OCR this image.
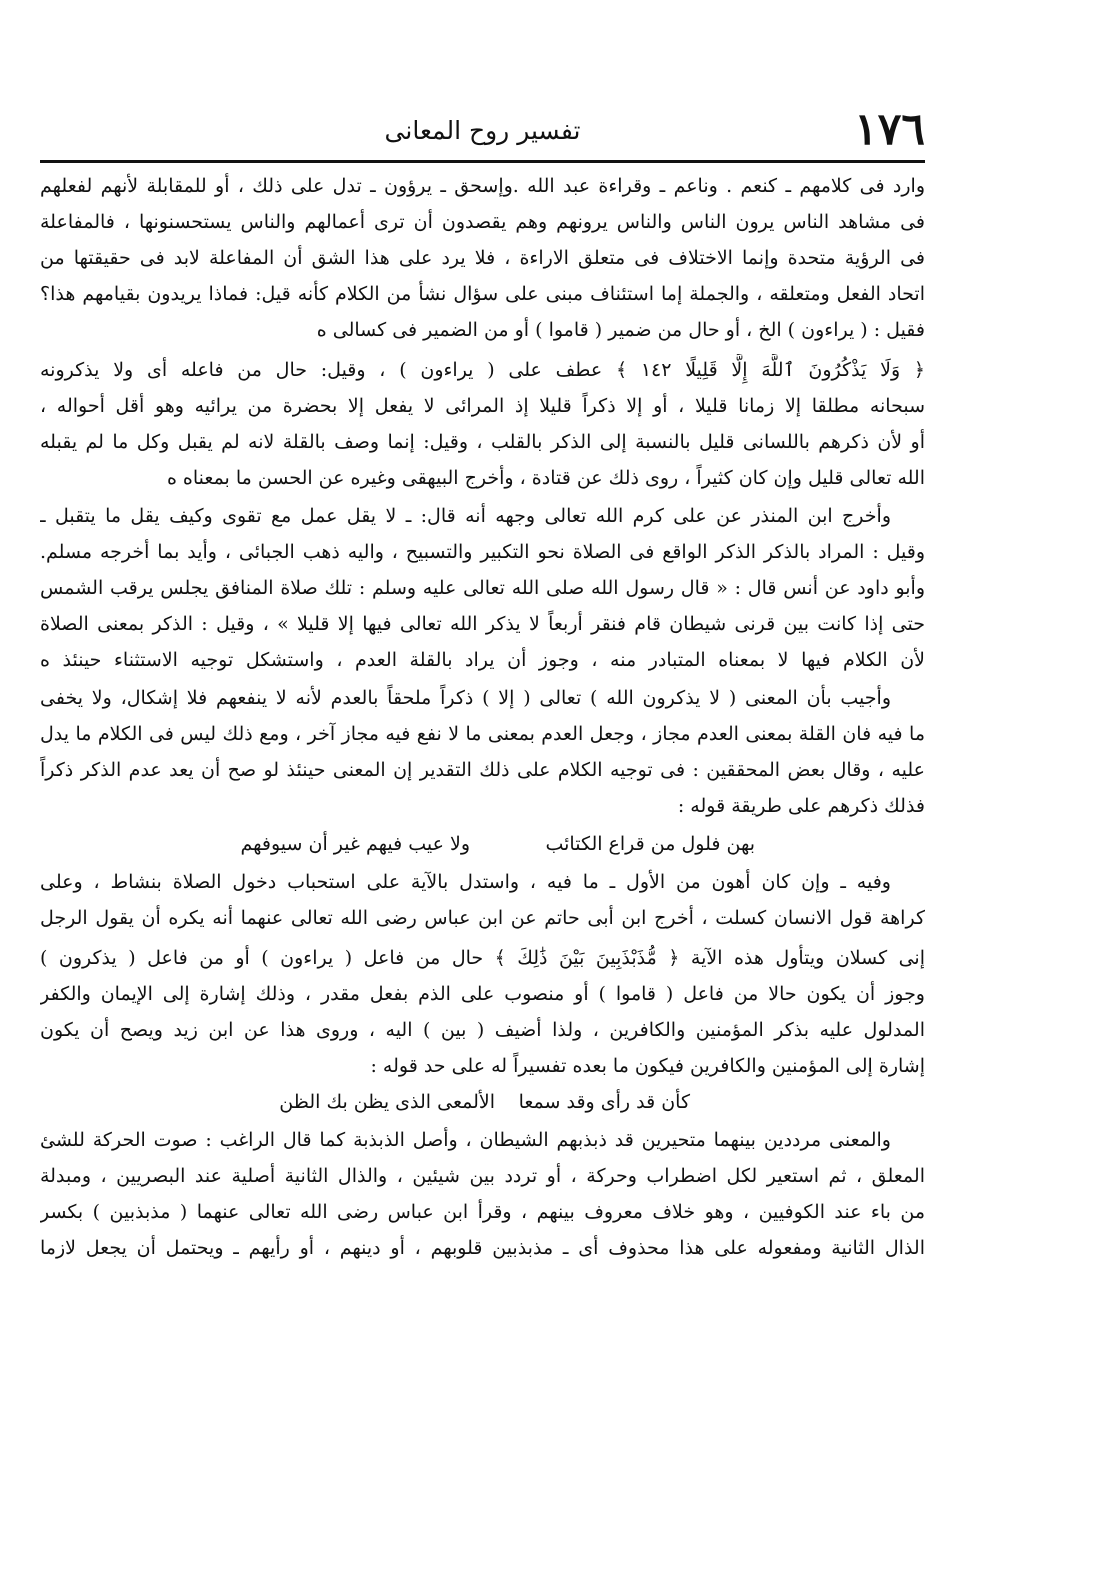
١٧٦
تفسير روح المعانى
وارد فى كلامهم ـ كنعم . وناعم ـ وقراءة عبد الله .وإسحق ـ يرؤون ـ تدل على ذلك ، أو للمقابلة لأنهم لفعلهم
فى مشاهد الناس يرون الناس والناس يرونهم وهم يقصدون أن ترى أعمالهم والناس يستحسنونها ، فالمفاعلة
فى الرؤية متحدة وإنما الاختلاف فى متعلق الاراءة ، فلا يرد على هذا الشق أن المفاعلة لابد فى حقيقتها من
اتحاد الفعل ومتعلقه ، والجملة إما استئناف مبنى على سؤال نشأ من الكلام كأنه قيل: فماذا يريدون بقيامهم هذا؟
فقيل : ( يراءون ) الخ ، أو حال من ضمير ( قاموا ) أو من الضمير فى كسالى ه
﴿ وَلَا يَذْكُرُونَ ٱللَّهَ إِلَّا قَلِيلًا ١٤٢ ﴾ عطف على ( يراءون ) ، وقيل: حال من فاعله أى ولا يذكرونه
سبحانه مطلقا إلا زمانا قليلا ، أو إلا ذكراً قليلا إذ المرائى لا يفعل إلا بحضرة من يرائيه وهو أقل أحواله ،
أو لأن ذكرهم باللسانى قليل بالنسبة إلى الذكر بالقلب ، وقيل: إنما وصف بالقلة لانه لم يقبل وكل ما لم يقبله
الله تعالى قليل وإن كان كثيراً ، روى ذلك عن قتادة ، وأخرج البيهقى وغيره عن الحسن ما بمعناه ه
وأخرج ابن المنذر عن على كرم الله تعالى وجهه أنه قال: ـ لا يقل عمل مع تقوى وكيف يقل ما يتقبل ـ
وقيل : المراد بالذكر الذكر الواقع فى الصلاة نحو التكبير والتسبيح ، واليه ذهب الجبائى ، وأيد بما أخرجه مسلم.
وأبو داود عن أنس قال : « قال رسول الله صلى الله تعالى عليه وسلم : تلك صلاة المنافق يجلس يرقب الشمس
حتى إذا كانت بين قرنى شيطان قام فنقر أربعاً لا يذكر الله تعالى فيها إلا قليلا » ، وقيل : الذكر بمعنى الصلاة
لأن الكلام فيها لا بمعناه المتبادر منه ، وجوز أن يراد بالقلة العدم ، واستشكل توجيه الاستثناء حينئذ ه
وأجيب بأن المعنى ( لا يذكرون الله ) تعالى ( إلا ) ذكراً ملحقاً بالعدم لأنه لا ينفعهم فلا إشكال، ولا يخفى
ما فيه فان القلة بمعنى العدم مجاز ، وجعل العدم بمعنى ما لا نفع فيه مجاز آخر ، ومع ذلك ليس فى الكلام ما يدل
عليه ، وقال بعض المحققين : فى توجيه الكلام على ذلك التقدير إن المعنى حينئذ لو صح أن يعد عدم الذكر ذكراً
فذلك ذكرهم على طريقة قوله :
ولا عيب فيهم غير أن سيوفهم	بهن فلول من قراع الكتائب
وفيه ـ وإن كان أهون من الأول ـ ما فيه ، واستدل بالآية على استحباب دخول الصلاة بنشاط ، وعلى
كراهة قول الانسان كسلت ، أخرج ابن أبى حاتم عن ابن عباس رضى الله تعالى عنهما أنه يكره أن يقول الرجل
إنى كسلان ويتأول هذه الآية ﴿ مُّذَبْذَبِينَ بَيْنَ ذَٰلِكَ ﴾ حال من فاعل ( يراءون ) أو من فاعل ( يذكرون )
وجوز أن يكون حالا من فاعل ( قاموا ) أو منصوب على الذم بفعل مقدر ، وذلك إشارة إلى الإيمان والكفر
المدلول عليه بذكر المؤمنين والكافرين ، ولذا أضيف ( بين ) اليه ، وروى هذا عن ابن زيد ويصح أن يكون
إشارة إلى المؤمنين والكافرين فيكون ما بعده تفسيراً له على حد قوله :
الألمعى الذى يظن بك الظن كأن قد رأى وقد سمعا
والمعنى مرددين بينهما متحيرين قد ذبذبهم الشيطان ، وأصل الذبذبة كما قال الراغب : صوت الحركة للشئ
المعلق ، ثم استعير لكل اضطراب وحركة ، أو تردد بين شيئين ، والذال الثانية أصلية عند البصريين ، ومبدلة
من باء عند الكوفيين ، وهو خلاف معروف بينهم ، وقرأ ابن عباس رضى الله تعالى عنهما ( مذبذبين ) بكسر
الذال الثانية ومفعوله على هذا محذوف أى ـ مذبذبين قلوبهم ، أو دينهم ، أو رأيهم ـ ويحتمل أن يجعل لازما
